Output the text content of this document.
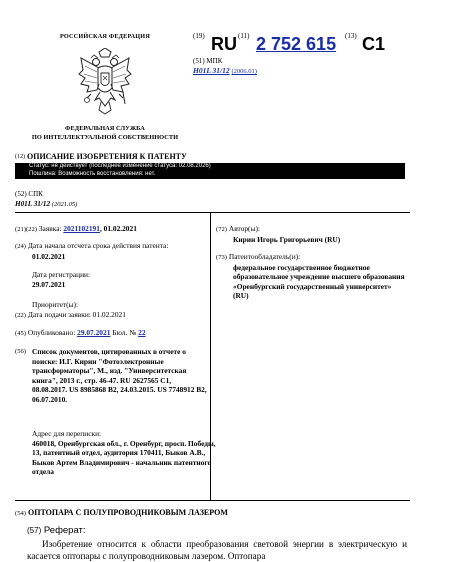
РОССИЙСКАЯ ФЕДЕРАЦИЯ
ФЕДЕРАЛЬНАЯ СЛУЖБА
ПО ИНТЕЛЛЕКТУАЛЬНОЙ СОБСТВЕННОСТИ
(19) RU (11) 2 752 615 (13) C1
(51) МПК
H01L 31/12 (2006.01)
(12) ОПИСАНИЕ ИЗОБРЕТЕНИЯ К ПАТЕНТУ
Статус: не действует (последнее изменение статуса: 02.08.2026)
Пошлина: Возможность восстановления: нет.
(52) СПК
H01L 31/12 (2021.05)
(21)(22) Заявка: 2021102191, 01.02.2021
(24) Дата начала отсчета срока действия патента:
01.02.2021
Дата регистрации:
29.07.2021
Приоритет(ы):
(22) Дата подачи заявки: 01.02.2021
(45) Опубликовано: 29.07.2021 Бюл. № 22
(56) Список документов, цитированных в отчете о поиске: И.Г. Кирин "Фотоэлектронные трансформаторы", М., изд. "Университетская книга", 2013 г., стр. 46-47. RU 2627565 C1, 08.08.2017. US 8985868 B2, 24.03.2015. US 7748912 B2, 06.07.2010.
Адрес для переписки:
460018, Оренбургская обл., г. Оренбург, просп. Победы, 13, патентный отдел, аудитория 170411, Быков А.В., Быков Артем Владимирович - начальник патентного отдела
(72) Автор(ы):
Кирин Игорь Григорьевич (RU)
(73) Патентообладатель(и):
федеральное государственное бюджетное образовательное учреждение высшего образования «Оренбургский государственный университет» (RU)
(54) ОПТОПАРА С ПОЛУПРОВОДНИКОВЫМ ЛАЗЕРОМ
(57) Реферат:
Изобретение относится к области преобразования световой энергии в электрическую и касается оптопары с полупроводниковым лазером. Оптопара
